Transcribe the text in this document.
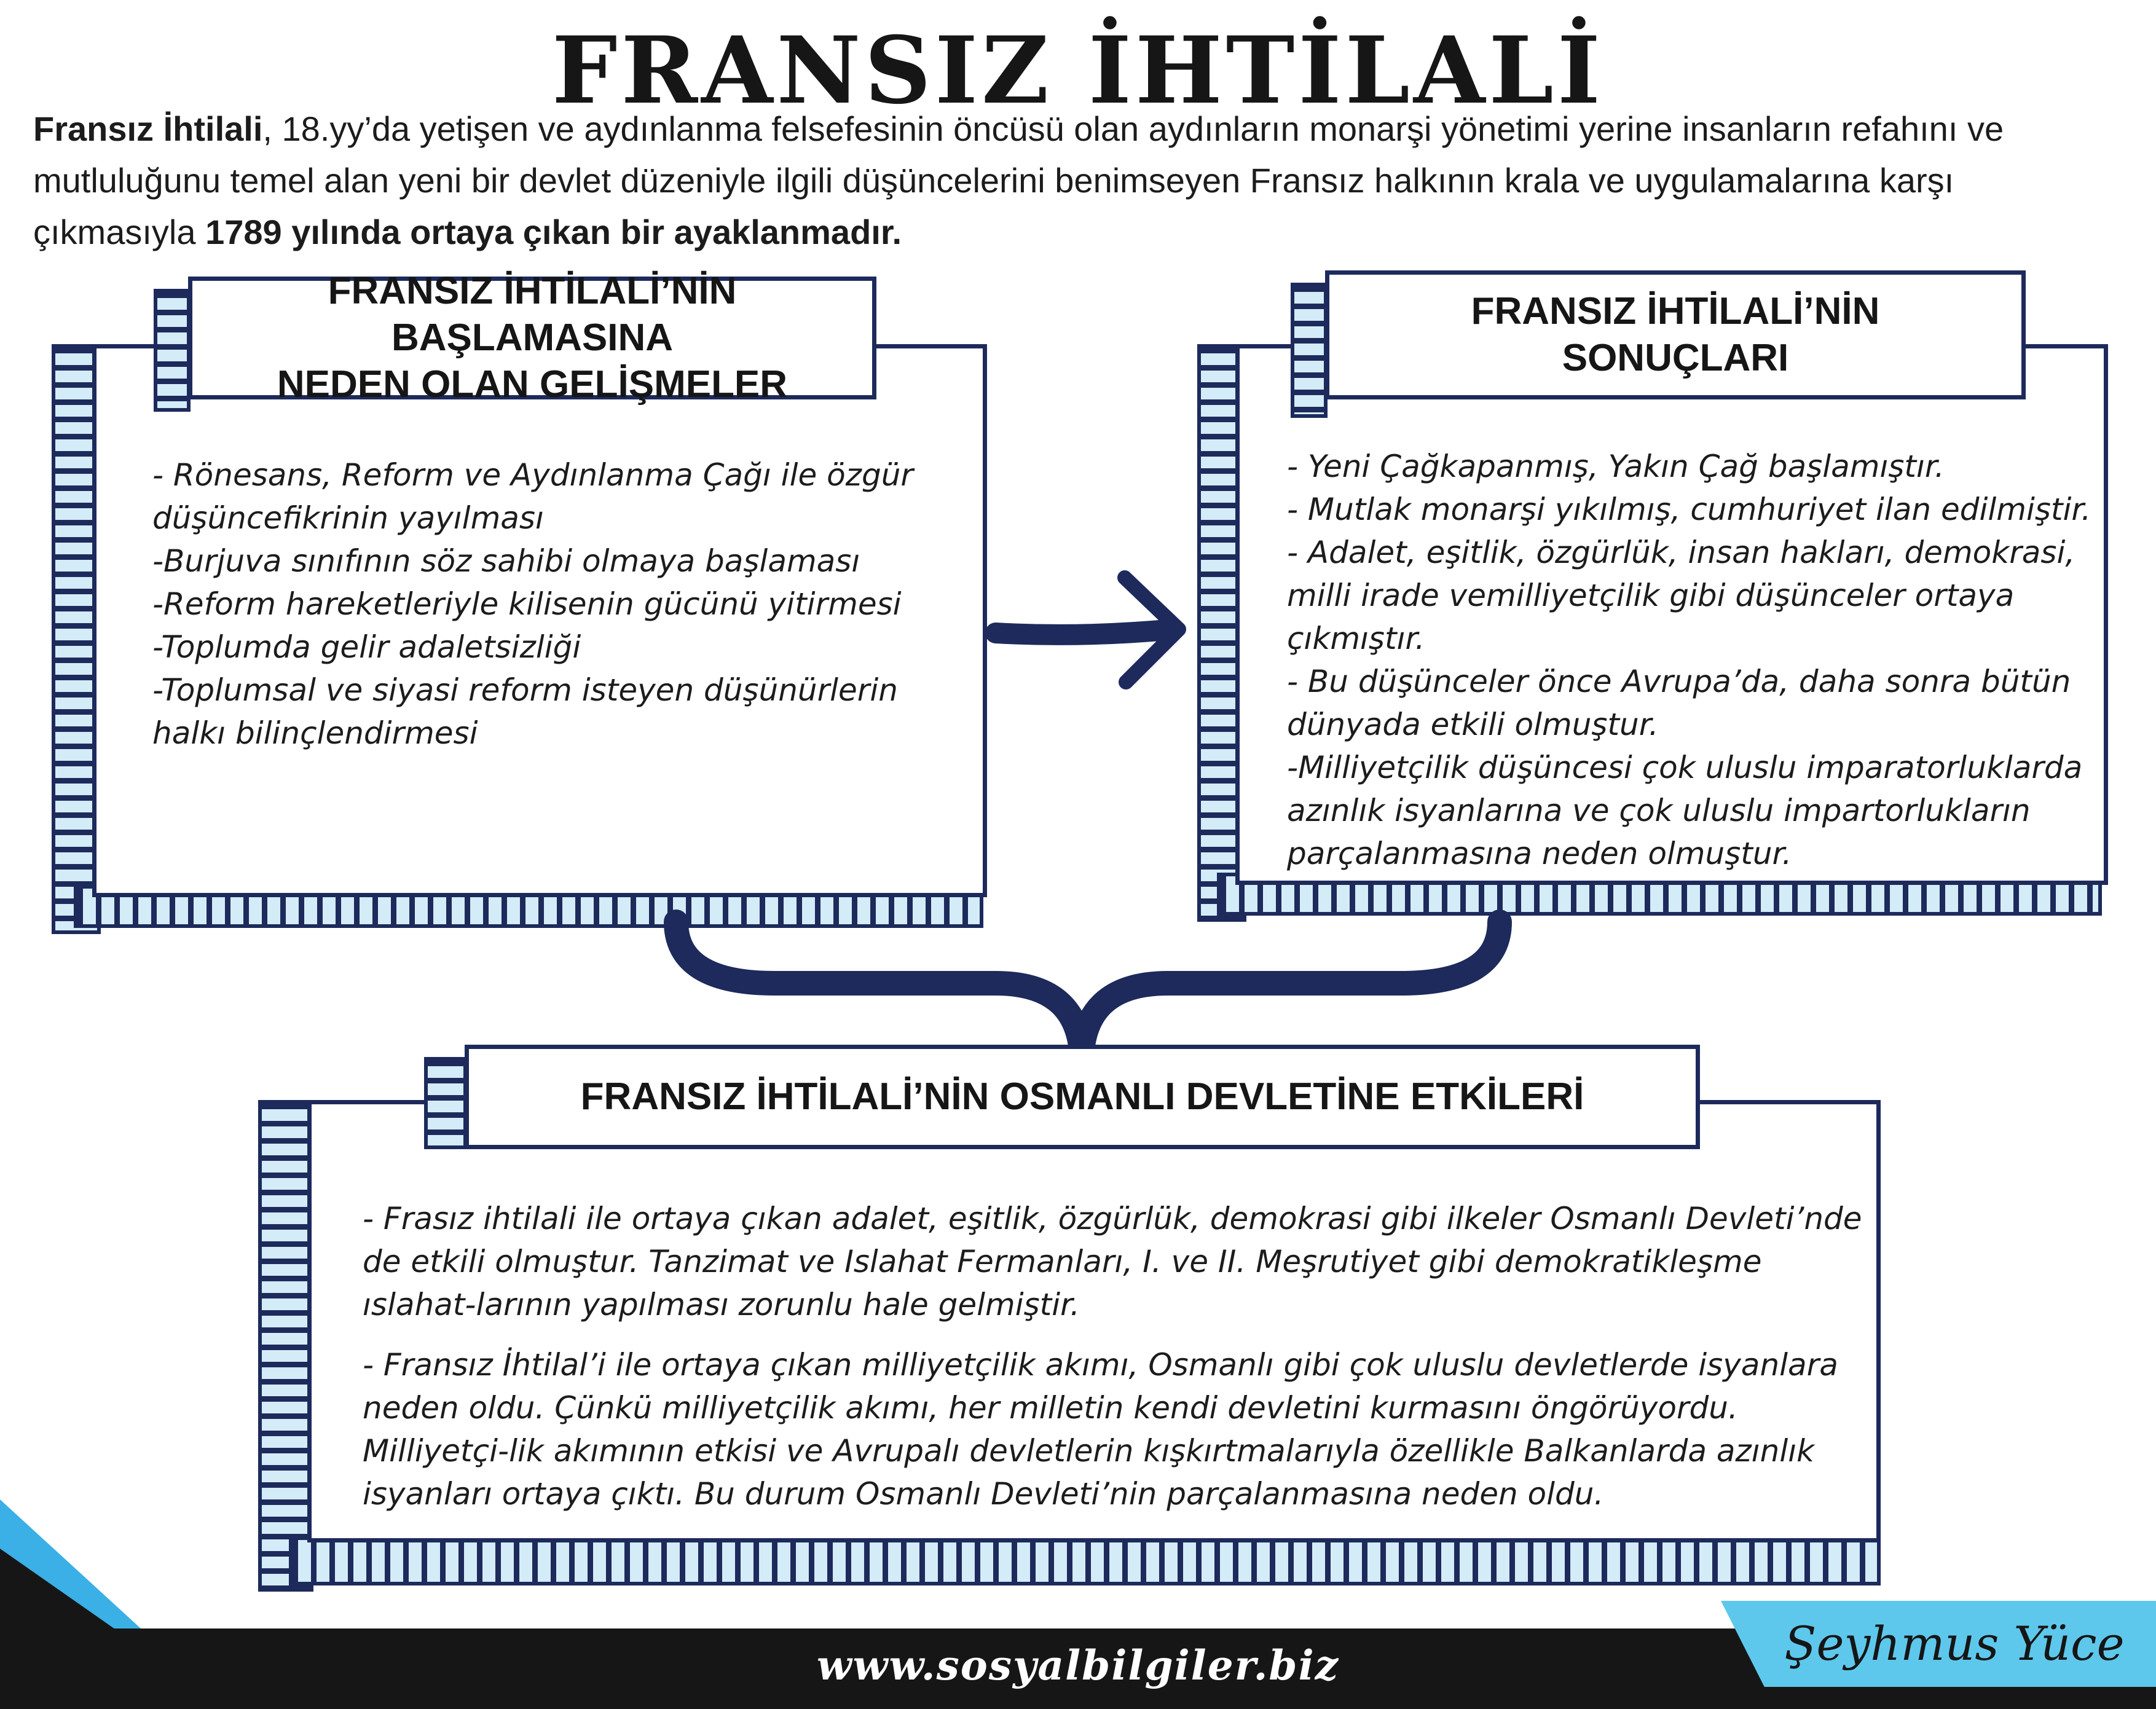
FRANSIZ İHTİLALİ
Fransız İhtilali, 18.yy’da yetişen ve aydınlanma felsefesinin öncüsü olan aydınların monarşi yönetimi yerine insanların refahını ve mutluluğunu temel alan yeni bir devlet düzeniyle ilgili düşüncelerini benimseyen Fransız halkının krala ve uygulamalarına karşı çıkmasıyla 1789 yılında ortaya çıkan bir ayaklanmadır.
FRANSIZ İHTİLALİ’NİN BAŞLAMASINA
NEDEN OLAN GELİŞMELER
- Rönesans, Reform ve Aydınlanma Çağı ile özgür düşüncefikrinin yayılması
-Burjuva sınıfının söz sahibi olmaya başlaması
-Reform hareketleriyle kilisenin gücünü yitirmesi
-Toplumda gelir adaletsizliği
-Toplumsal ve siyasi reform isteyen düşünürlerin halkı bilinçlendirmesi
FRANSIZ İHTİLALİ’NİN
SONUÇLARI
- Yeni Çağkapanmış, Yakın Çağ başlamıştır.
- Mutlak monarşi yıkılmış, cumhuriyet ilan edilmiştir.
- Adalet, eşitlik, özgürlük, insan hakları, demokrasi, milli irade vemilliyetçilik gibi düşünceler ortaya çıkmıştır.
- Bu düşünceler önce Avrupa’da, daha sonra bütün dünyada etkili olmuştur.
-Milliyetçilik düşüncesi çok uluslu imparatorluklarda azınlık isyanlarına ve çok uluslu impartorlukların parçalanmasına neden olmuştur.
FRANSIZ İHTİLALİ’NİN OSMANLI DEVLETİNE ETKİLERİ

- Frasız ihtilali ile ortaya çıkan adalet, eşitlik, özgürlük, demokrasi gibi ilkeler Osmanlı Devleti’nde de etkili olmuştur. Tanzimat ve Islahat Fermanları, I. ve II. Meşrutiyet gibi demokratikleşme ıslahat-larının yapılması zorunlu hale gelmiştir.

- Fransız İhtilal’i ile ortaya çıkan milliyetçilik akımı, Osmanlı gibi çok uluslu devletlerde isyanlara neden oldu. Çünkü milliyetçilik akımı, her milletin kendi devletini kurmasını öngörüyordu. Milliyetçi-lik akımının etkisi ve Avrupalı devletlerin kışkırtmalarıyla özellikle Balkanlarda azınlık isyanları ortaya çıktı. Bu durum Osmanlı Devleti’nin parçalanmasına neden oldu.

www.sosyalbilgiler.biz	Şeyhmus Yüce
